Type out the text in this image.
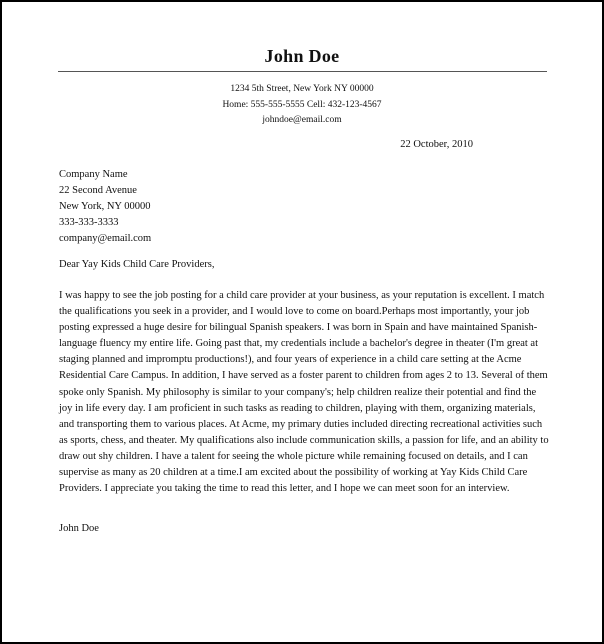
John Doe
1234 5th Street, New York NY 00000
Home: 555-555-5555 Cell: 432-123-4567
johndoe@email.com
22 October, 2010
Company Name
22 Second Avenue
New York, NY 00000
333-333-3333
company@email.com
Dear Yay Kids Child Care Providers,

I was happy to see the job posting for a child care provider at your business, as your reputation is excellent. I match the qualifications you seek in a provider, and I would love to come on board.Perhaps most importantly, your job posting expressed a huge desire for bilingual Spanish speakers. I was born in Spain and have maintained Spanish-language fluency my entire life. Going past that, my credentials include a bachelor's degree in theater (I'm great at staging planned and impromptu productions!), and four years of experience in a child care setting at the Acme Residential Care Campus. In addition, I have served as a foster parent to children from ages 2 to 13. Several of them spoke only Spanish. My philosophy is similar to your company's; help children realize their potential and find the joy in life every day. I am proficient in such tasks as reading to children, playing with them, organizing materials, and transporting them to various places. At Acme, my primary duties included directing recreational activities such as sports, chess, and theater. My qualifications also include communication skills, a passion for life, and an ability to draw out shy children. I have a talent for seeing the whole picture while remaining focused on details, and I can supervise as many as 20 children at a time.I am excited about the possibility of working at Yay Kids Child Care Providers. I appreciate you taking the time to read this letter, and I hope we can meet soon for an interview.

John Doe
